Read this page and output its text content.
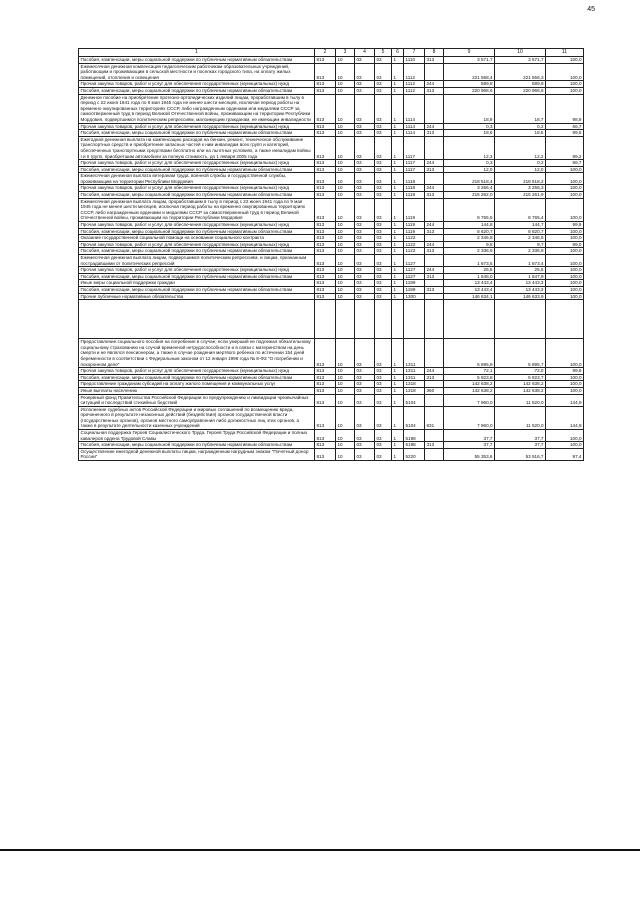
45
1	2	3	4	5	6	7	8	9	10	11
Пособия, компенсации, меры социальной поддержки по публичным нормативным обязательствам	813	10	03	03	1	1110	313	3 571,7	3 571,7	100,0
Ежемесячная денежная компенсация педагогическим работникам образовательных учреждений, работающим и проживающим в сельской местности и поселках городского типа, на оплату жилых помещений, отопления и освещения	813	10	03	03	1	1112		221 558,4	221 556,3	100,0
Прочая закупка товаров, работ и услуг для обеспечения государственных (муниципальных) нужд	813	10	03	03	1	1112	244	589,8	589,8	100,0
Пособия, компенсации, меры социальной поддержки по публичным нормативным обязательствам	813	10	03	03	1	1112	313	220 968,6	220 966,5	100,0
Денежное пособие на приобретение протезно-ортопедических изделий лицам, проработавшим в тылу в период с 22 июня 1941 года по 9 мая 1945 года не менее шести месяцев, исключая период работы на временно оккупированных территориях СССР, либо награжденным орденами или медалями СССР за самоотверженный труд в период Великой Отечественной войны, проживающим на территории Республики Мордовия, подвергшимся политическим репрессиям, малоимущим гражданам, не имеющим инвалидности	813	10	03	03	1	1114		18,9	18,7	98,9
Прочая закупка товаров, работ и услуг для обеспечения государственных (муниципальных) нужд	813	10	03	03	1	1114	244	0,3	0,2	66,7
Пособия, компенсации, меры социальной поддержки по публичным нормативным обязательствам	813	10	03	03	1	1114	313	18,6	18,5	99,5
Ежегодная денежная выплата на компенсацию расходов на бензин, ремонт, техническое обслуживание транспортных средств и приобретение запасных частей к ним инвалидам всех групп и категорий, обеспеченных транспортными средствами бесплатно или на льготных условиях, а также инвалидам войны I и II групп, приобретшим автомобили за полную стоимость, до 1 января 2005 года	813	10	03	03	1	1117		12,3	12,2	99,2
Прочая закупка товаров, работ и услуг для обеспечения государственных (муниципальных) нужд	813	10	03	03	1	1117	244	0,3	0,2	66,7
Пособия, компенсации, меры социальной поддержки по публичным нормативным обязательствам	813	10	03	03	1	1117	313	12,0	12,0	100,0
Ежемесячная денежная выплата ветеранам труда, военной службы и государственной службы, проживающим на территории Республики Мордовия	813	10	03	03	1	1118		218 518,4	218 518,2	100,0
Прочая закупка товаров, работ и услуг для обеспечения государственных (муниципальных) нужд	813	10	03	03	1	1118	244	3 256,4	3 256,3	100,0
Пособия, компенсации, меры социальной поддержки по публичным нормативным обязательствам	813	10	03	03	1	1118	313	215 262,0	215 261,9	100,0
Ежемесячная денежная выплата лицам, проработавшим в тылу в период с 22 июня 1941 года по 9 мая 1945 года не менее шести месяцев, исключая период работы на временно оккупированных территориях СССР, либо награжденным орденами и медалями СССР за самоотверженный труд в период Великой Отечественной войны, проживающим на территории Республики Мордовия	813	10	03	03	1	1119		8 765,5	8 765,4	100,0
Прочая закупка товаров, работ и услуг для обеспечения государственных (муниципальных) нужд	813	10	03	03	1	1119	244	144,8	144,7	99,9
Пособия, компенсации, меры социальной поддержки по публичным нормативным обязательствам	813	10	03	03	1	1119	313	8 620,7	8 620,7	100,0
Оказание государственной социальной помощи на основании социального контракта	813	10	03	03	1	1122		2 346,8	2 346,5	100,0
Прочая закупка товаров, работ и услуг для обеспечения государственных (муниципальных) нужд	813	10	03	03	1	1122	244	9,8	9,7	99,0
Пособия, компенсации, меры социальной поддержки по публичным нормативным обязательствам	813	10	03	03	1	1122	313	2 336,8	2 336,8	100,0
Ежемесячная денежная выплата лицам, подвергшимся политическим репрессиям, и лицам, признанным пострадавшими от политических репрессий	813	10	03	03	1	1127		1 673,5	1 673,4	100,0
Прочая закупка товаров, работ и услуг для обеспечения государственных (муниципальных) нужд	813	10	03	03	1	1127	244	25,5	25,5	100,0
Пособия, компенсации, меры социальной поддержки по публичным нормативным обязательствам	813	10	03	03	1	1127	313	1 648,0	1 647,9	100,0
Иные меры социальной поддержки граждан	813	10	03	03	1	1199		13 443,4	13 443,3	100,0
Пособия, компенсации, меры социальной поддержки по публичным нормативным обязательствам	813	10	03	03	1	1199	313	13 443,4	13 443,3	100,0
Прочие публичные нормативные обязательства	813	10	03	03	1	1300		146 634,1	146 633,9	100,0

Предоставление социального пособия на погребение в случае, если умерший не подлежал обязательному социальному страхованию на случай временной нетрудоспособности и в связи с материнством на день смерти и не являлся пенсионером, а также в случае рождения мертвого ребенка по истечении 154 дней беременности в соответствии с Федеральным законом от 12 января 1996 года № 8-ФЗ "О погребении и похоронном деле"	813	10	03	03	1	1311		5 895,9	5 895,7	100,0
Прочая закупка товаров, работ и услуг для обеспечения государственных (муниципальных) нужд	813	10	03	03	1	1311	244	72,1	72,0	99,9
Пособия, компенсации, меры социальной поддержки по публичным нормативным обязательствам	813	10	03	03	1	1311	313	5 823,8	5 823,7	100,0
Предоставление гражданам субсидий на оплату жилого помещения и коммунальных услуг	813	10	03	03	1	1318		142 638,2	142 638,2	100,0
Иные выплаты населению	813	10	03	03	1	1318	360	142 638,2	142 638,2	100,0
Резервный фонд Правительства Российской Федерации по предупреждению и ликвидации чрезвычайных ситуаций и последствий стихийных бедствий	813	10	03	03	1	5104		7 960,0	11 520,0	144,9
Исполнение судебных актов Российской Федерации и мировых соглашений по возмещению вреда, причиненного в результате незаконных действий (бездействия) органов государственной власти (государственных органов), органов местного самоуправления либо должностных лиц этих органов, а также в результате деятельности казенных учреждений	813	10	03	03	1	5104	831	7 960,0	11 520,0	144,8
Социальная поддержка Героев Социалистического Труда, Героев Труда Российской Федерации и полных кавалеров ордена Трудовой Славы	813	10	03	03	1	5198		37,7	37,7	100,0
Пособия, компенсации, меры социальной поддержки по публичным нормативным обязательствам	813	10	03	03	1	5198	313	37,7	37,7	100,0
Осуществление ежегодной денежной выплаты лицам, награжденным нагрудным знаком "Почетный донор России"	813	10	03	03	1	5220		55 353,6	53 916,7	97,4
